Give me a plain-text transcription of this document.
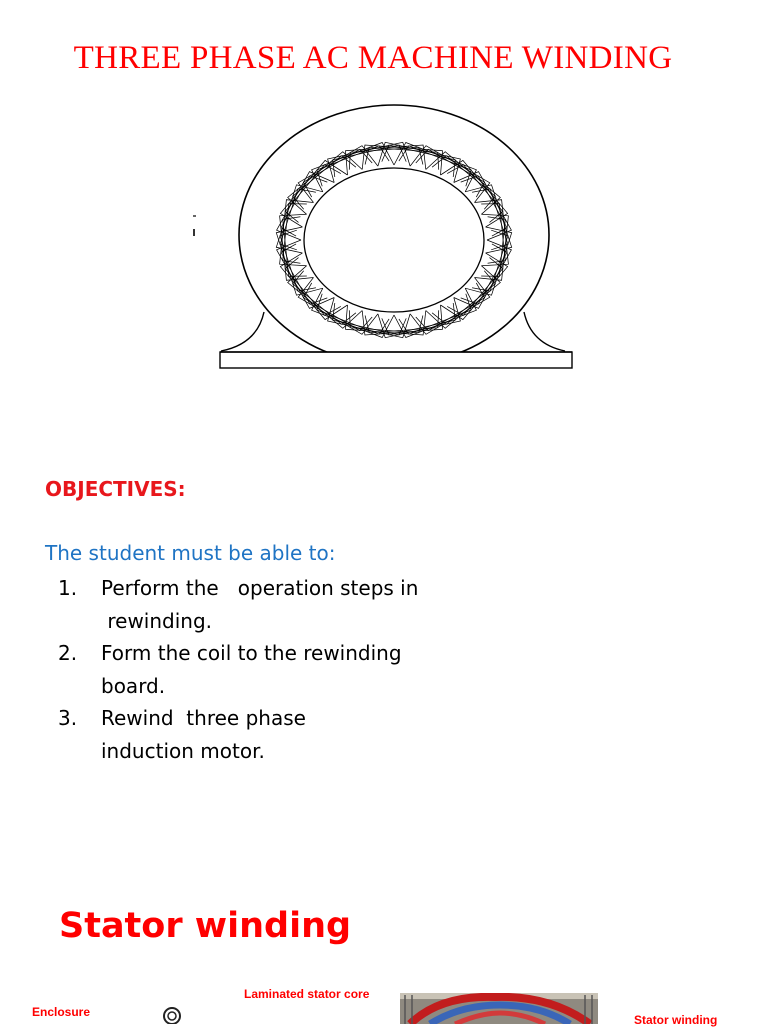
THREE PHASE AC MACHINE WINDING
OBJECTIVES:
The student must be able to:
1. Perform the   operation steps in
rewinding.
2. Form the coil to the rewinding
board.
3. Rewind  three phase
induction motor.
Stator winding
Enclosure
Laminated stator core
Stator winding
